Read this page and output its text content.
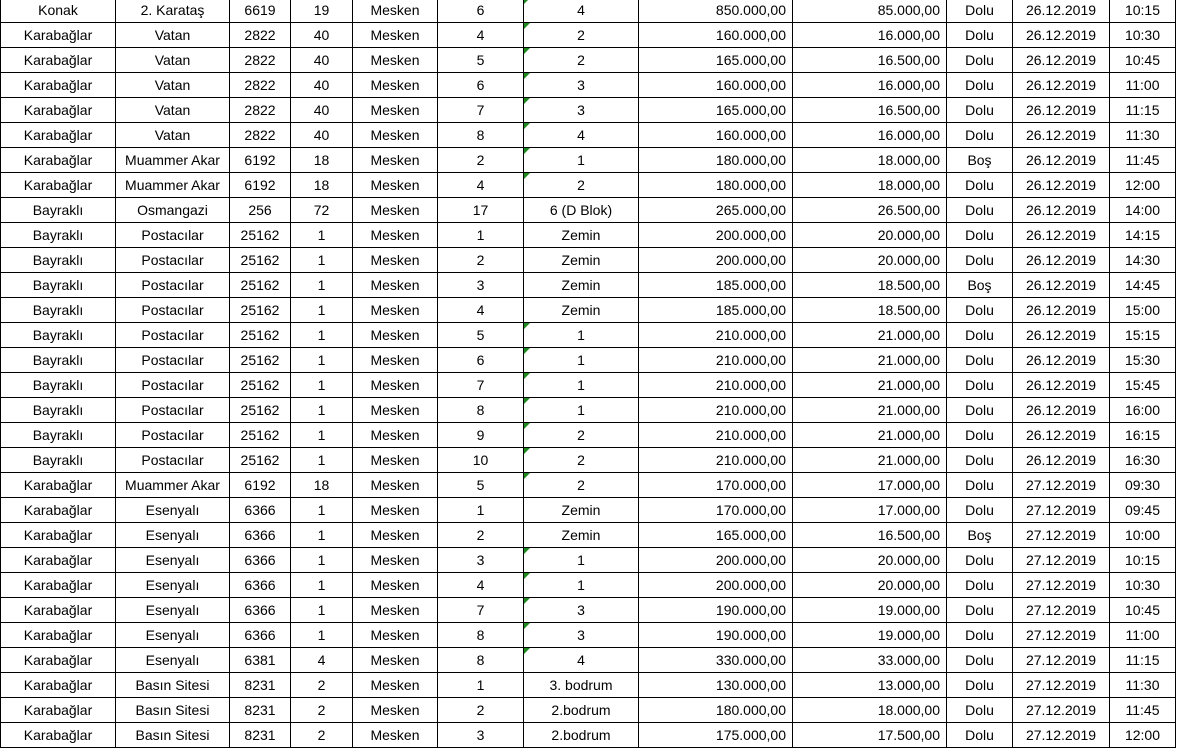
Konak	2. Karataş	6619	19	Mesken	6	4	850.000,00	85.000,00	Dolu	26.12.2019	10:15
Karabağlar	Vatan	2822	40	Mesken	4	2	160.000,00	16.000,00	Dolu	26.12.2019	10:30
Karabağlar	Vatan	2822	40	Mesken	5	2	165.000,00	16.500,00	Dolu	26.12.2019	10:45
Karabağlar	Vatan	2822	40	Mesken	6	3	160.000,00	16.000,00	Dolu	26.12.2019	11:00
Karabağlar	Vatan	2822	40	Mesken	7	3	165.000,00	16.500,00	Dolu	26.12.2019	11:15
Karabağlar	Vatan	2822	40	Mesken	8	4	160.000,00	16.000,00	Dolu	26.12.2019	11:30
Karabağlar	Muammer Akar	6192	18	Mesken	2	1	180.000,00	18.000,00	Boş	26.12.2019	11:45
Karabağlar	Muammer Akar	6192	18	Mesken	4	2	180.000,00	18.000,00	Dolu	26.12.2019	12:00
Bayraklı	Osmangazi	256	72	Mesken	17	6 (D Blok)	265.000,00	26.500,00	Dolu	26.12.2019	14:00
Bayraklı	Postacılar	25162	1	Mesken	1	Zemin	200.000,00	20.000,00	Dolu	26.12.2019	14:15
Bayraklı	Postacılar	25162	1	Mesken	2	Zemin	200.000,00	20.000,00	Dolu	26.12.2019	14:30
Bayraklı	Postacılar	25162	1	Mesken	3	Zemin	185.000,00	18.500,00	Boş	26.12.2019	14:45
Bayraklı	Postacılar	25162	1	Mesken	4	Zemin	185.000,00	18.500,00	Dolu	26.12.2019	15:00
Bayraklı	Postacılar	25162	1	Mesken	5	1	210.000,00	21.000,00	Dolu	26.12.2019	15:15
Bayraklı	Postacılar	25162	1	Mesken	6	1	210.000,00	21.000,00	Dolu	26.12.2019	15:30
Bayraklı	Postacılar	25162	1	Mesken	7	1	210.000,00	21.000,00	Dolu	26.12.2019	15:45
Bayraklı	Postacılar	25162	1	Mesken	8	1	210.000,00	21.000,00	Dolu	26.12.2019	16:00
Bayraklı	Postacılar	25162	1	Mesken	9	2	210.000,00	21.000,00	Dolu	26.12.2019	16:15
Bayraklı	Postacılar	25162	1	Mesken	10	2	210.000,00	21.000,00	Dolu	26.12.2019	16:30
Karabağlar	Muammer Akar	6192	18	Mesken	5	2	170.000,00	17.000,00	Dolu	27.12.2019	09:30
Karabağlar	Esenyalı	6366	1	Mesken	1	Zemin	170.000,00	17.000,00	Dolu	27.12.2019	09:45
Karabağlar	Esenyalı	6366	1	Mesken	2	Zemin	165.000,00	16.500,00	Boş	27.12.2019	10:00
Karabağlar	Esenyalı	6366	1	Mesken	3	1	200.000,00	20.000,00	Dolu	27.12.2019	10:15
Karabağlar	Esenyalı	6366	1	Mesken	4	1	200.000,00	20.000,00	Dolu	27.12.2019	10:30
Karabağlar	Esenyalı	6366	1	Mesken	7	3	190.000,00	19.000,00	Dolu	27.12.2019	10:45
Karabağlar	Esenyalı	6366	1	Mesken	8	3	190.000,00	19.000,00	Dolu	27.12.2019	11:00
Karabağlar	Esenyalı	6381	4	Mesken	8	4	330.000,00	33.000,00	Dolu	27.12.2019	11:15
Karabağlar	Basın Sitesi	8231	2	Mesken	1	3. bodrum	130.000,00	13.000,00	Dolu	27.12.2019	11:30
Karabağlar	Basın Sitesi	8231	2	Mesken	2	2.bodrum	180.000,00	18.000,00	Dolu	27.12.2019	11:45
Karabağlar	Basın Sitesi	8231	2	Mesken	3	2.bodrum	175.000,00	17.500,00	Dolu	27.12.2019	12:00
